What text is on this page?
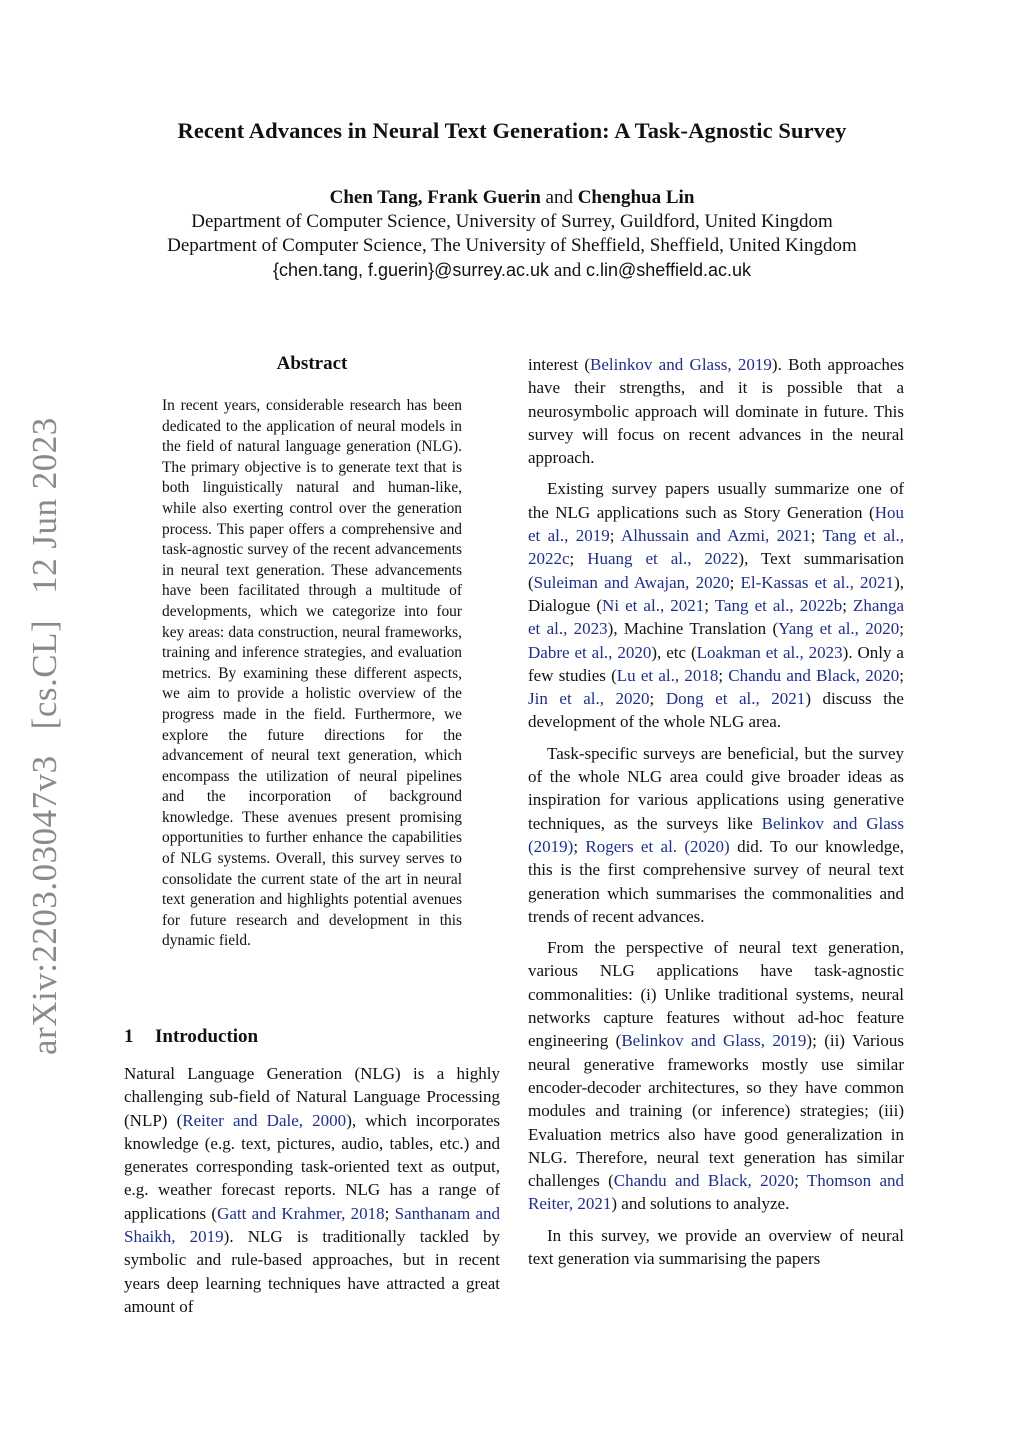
Recent Advances in Neural Text Generation: A Task-Agnostic Survey
Chen Tang, Frank Guerin and Chenghua Lin
Department of Computer Science, University of Surrey, Guildford, United Kingdom
Department of Computer Science, The University of Sheffield, Sheffield, United Kingdom
{chen.tang, f.guerin}@surrey.ac.uk and c.lin@sheffield.ac.uk
arXiv:2203.03047v3[cs.CL]12 Jun 2023
Abstract
In recent years, considerable research has been dedicated to the application of neural models in the field of natural language generation (NLG). The primary objective is to generate text that is both linguistically natural and human-like, while also exerting control over the generation process. This paper offers a comprehensive and task-agnostic survey of the recent advancements in neural text generation. These advancements have been facilitated through a multitude of developments, which we categorize into four key areas: data construction, neural frameworks, training and inference strategies, and evaluation metrics. By examining these different aspects, we aim to provide a holistic overview of the progress made in the field. Furthermore, we explore the future directions for the advancement of neural text generation, which encompass the utilization of neural pipelines and the incorporation of background knowledge. These avenues present promising opportunities to further enhance the capabilities of NLG systems. Overall, this survey serves to consolidate the current state of the art in neural text generation and highlights potential avenues for future research and development in this dynamic field.
1 Introduction

Natural Language Generation (NLG) is a highly challenging sub-field of Natural Language Processing (NLP) (Reiter and Dale, 2000), which incorporates knowledge (e.g. text, pictures, audio, tables, etc.) and generates corresponding task-oriented text as output, e.g. weather forecast reports. NLG has a range of applications (Gatt and Krahmer, 2018; Santhanam and Shaikh, 2019). NLG is traditionally tackled by symbolic and rule-based approaches, but in recent years deep learning techniques have attracted a great amount of

interest (Belinkov and Glass, 2019). Both approaches have their strengths, and it is possible that a neurosymbolic approach will dominate in future. This survey will focus on recent advances in the neural approach.

Existing survey papers usually summarize one of the NLG applications such as Story Generation (Hou et al., 2019; Alhussain and Azmi, 2021; Tang et al., 2022c; Huang et al., 2022), Text summarisation (Suleiman and Awajan, 2020; El-Kassas et al., 2021), Dialogue (Ni et al., 2021; Tang et al., 2022b; Zhanga et al., 2023), Machine Translation (Yang et al., 2020; Dabre et al., 2020), etc (Loakman et al., 2023). Only a few studies (Lu et al., 2018; Chandu and Black, 2020; Jin et al., 2020; Dong et al., 2021) discuss the development of the whole NLG area.

Task-specific surveys are beneficial, but the survey of the whole NLG area could give broader ideas as inspiration for various applications using generative techniques, as the surveys like Belinkov and Glass (2019); Rogers et al. (2020) did. To our knowledge, this is the first comprehensive survey of neural text generation which summarises the commonalities and trends of recent advances.

From the perspective of neural text generation, various NLG applications have task-agnostic commonalities: (i) Unlike traditional systems, neural networks capture features without ad-hoc feature engineering (Belinkov and Glass, 2019); (ii) Various neural generative frameworks mostly use similar encoder-decoder architectures, so they have common modules and training (or inference) strategies; (iii) Evaluation metrics also have good generalization in NLG. Therefore, neural text generation has similar challenges (Chandu and Black, 2020; Thomson and Reiter, 2021) and solutions to analyze.

In this survey, we provide an overview of neural text generation via summarising the papers
